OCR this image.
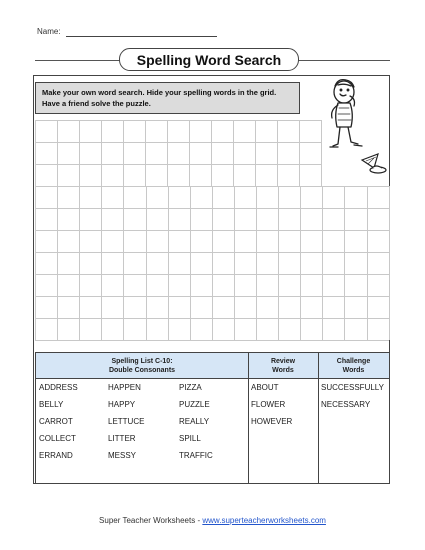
Name:
Spelling Word Search
Make your own word search. Hide your spelling words in the grid. Have a friend solve the puzzle.
Spelling List C-10:
Double Consonants
Review
Words
Challenge
Words
ADDRESS	HAPPEN	PIZZA
BELLY	HAPPY	PUZZLE
CARROT	LETTUCE	REALLY
COLLECT	LITTER	SPILL
ERRAND	MESSY	TRAFFIC
ABOUT
FLOWER
HOWEVER
SUCCESSFULLY
NECESSARY
Super Teacher Worksheets - www.superteacherworksheets.com
